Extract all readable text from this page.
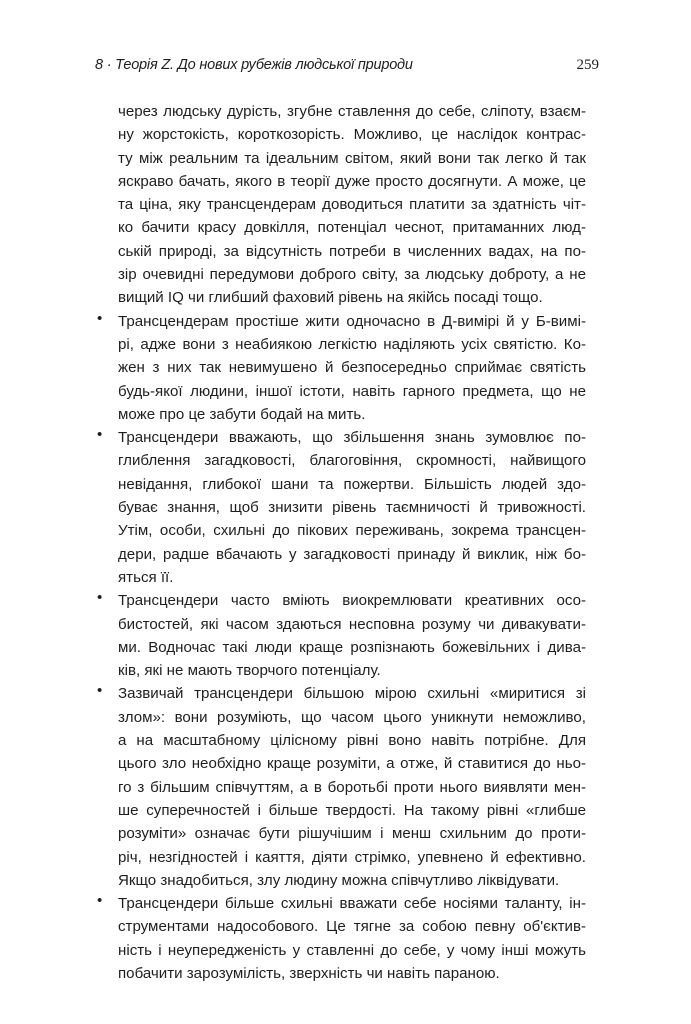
8 · Теорія Z. До нових рубежів людської природи	259
через людську дурість, згубне ставлення до себе, сліпоту, взаєм-
ну жорстокість, короткозорість. Можливо, це наслідок контрас-
ту між реальним та ідеальним світом, який вони так легко й так
яскраво бачать, якого в теорії дуже просто досягнути. А може, це
та ціна, яку трансцендерам доводиться платити за здатність чіт-
ко бачити красу довкілля, потенціал чеснот, притаманних люд-
ській природі, за відсутність потреби в численних вадах, на по-
зір очевидні передумови доброго світу, за людську доброту, а не
вищий IQ чи глибший фаховий рівень на якійсь посаді тощо.
• Трансцендерам простіше жити одночасно в Д-вимірі й у Б-вимі-
рі, адже вони з неабиякою легкістю наділяють усіх святістю. Ко-
жен з них так невимушено й безпосередньо сприймає святість
будь-якої людини, іншої істоти, навіть гарного предмета, що не
може про це забути бодай на мить.
• Трансцендери вважають, що збільшення знань зумовлює по-
глиблення загадковості, благоговіння, скромності, найвищого
невідання, глибокої шани та пожертви. Більшість людей здо-
буває знання, щоб знизити рівень таємничості й тривожності.
Утім, особи, схильні до пікових переживань, зокрема трансцен-
дери, радше вбачають у загадковості принаду й виклик, ніж бо-
яться її.
• Трансцендери часто вміють виокремлювати креативних осо-
бистостей, які часом здаються несповна розуму чи дивакувати-
ми. Водночас такі люди краще розпізнають божевільних і дива-
ків, які не мають творчого потенціалу.
• Зазвичай трансцендери більшою мірою схильні «миритися зі
злом»: вони розуміють, що часом цього уникнути неможливо,
а на масштабному цілісному рівні воно навіть потрібне. Для
цього зло необхідно краще розуміти, а отже, й ставитися до ньо-
го з більшим співчуттям, а в боротьбі проти нього виявляти мен-
ше суперечностей і більше твердості. На такому рівні «глибше
розуміти» означає бути рішучішим і менш схильним до проти-
річ, незгідностей і каяття, діяти стрімко, упевнено й ефективно.
Якщо знадобиться, злу людину можна співчутливо ліквідувати.
• Трансцендери більше схильні вважати себе носіями таланту, ін-
струментами надособового. Це тягне за собою певну об'єктив-
ність і неупередженість у ставленні до себе, у чому інші можуть
побачити зарозумілість, зверхність чи навіть параною.
